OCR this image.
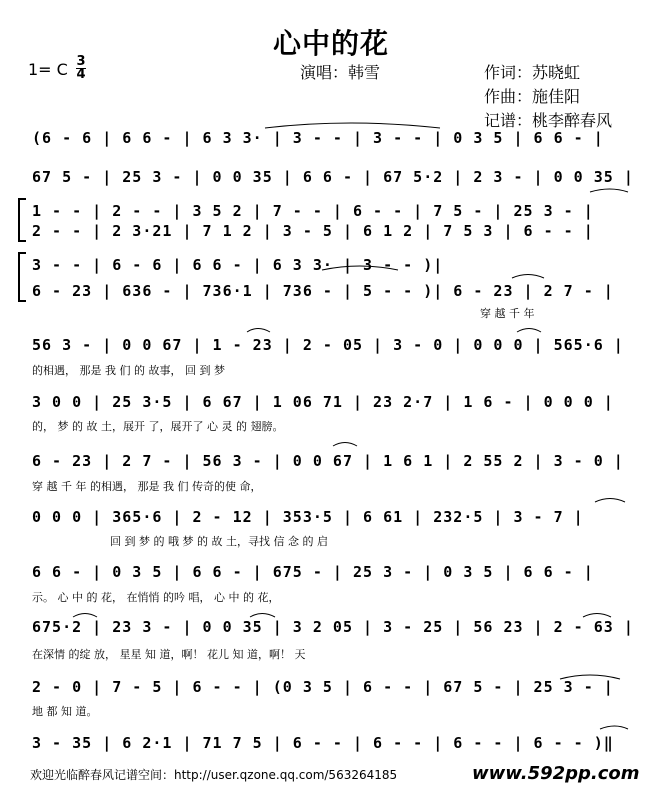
心中的花
1= C 3
4	演唱：韩雪	作词：苏晓虹
作曲：施佳阳
记谱：桃李醉春风
(6 - 6 | 6 6 - | 6 3 3· | 3 - - | 3 - - | 0 3 5 | 6 6 - |
67 5 - | 25 3 - | 0 0 35 | 6 6 - | 67 5·2 | 2 3 - | 0 0 35 |
1 - - | 2 - - | 3 5 2 | 7 - - | 6 - - | 7 5 - | 25 3 - |
2 - - | 2 3·21 | 7 1 2 | 3 - 5 | 6 1 2 | 7 5 3 | 6 - - |
3 - - | 6 - 6 | 6 6 - | 6 3 3· | 3 - - )|
6 - 23 | 636 - | 736·1 | 736 - | 5 - - )| 6 - 23 | 2 7 - |
穿 越 千 年
56 3 - | 0 0 67 | 1 - 23 | 2 - 05 | 3 - 0 | 0 0 0 | 565·6 |
的相遇， 那是 我 们 的 故事， 回 到 梦
3 0 0 | 25 3·5 | 6 67 | 1 06 71 | 23 2·7 | 1 6 - | 0 0 0 |
的， 梦 的 故 土，展开 了，展开了 心 灵 的 翅膀。
6 - 23 | 2 7 - | 56 3 - | 0 0 67 | 1 6 1 | 2 55 2 | 3 - 0 |
穿 越 千 年 的相遇， 那是 我 们 传奇的使 命，
0 0 0 | 365·6 | 2 - 12 | 353·5 | 6 61 | 232·5 | 3 - 7 |
回 到 梦 的 哦 梦 的 故 土，寻找 信 念 的 启
6 6 - | 0 3 5 | 6 6 - | 675 - | 25 3 - | 0 3 5 | 6 6 - |
示。 心 中 的 花， 在悄悄 的吟 唱， 心 中 的 花，
675·2 | 23 3 - | 0 0 35 | 3 2 05 | 3 - 25 | 56 23 | 2 - 63 |
在深情 的绽 放， 星星 知 道，啊！ 花儿 知 道，啊！ 天
2 - 0 | 7 - 5 | 6 - - | (0 3 5 | 6 - - | 67 5 - | 25 3 - |
地 都 知 道。
3 - 35 | 6 2·1 | 71 7 5 | 6 - - | 6 - - | 6 - - | 6 - - )‖
欢迎光临醉春风记谱空间：http://user.qzone.qq.com/563264185	www.592pp.com
